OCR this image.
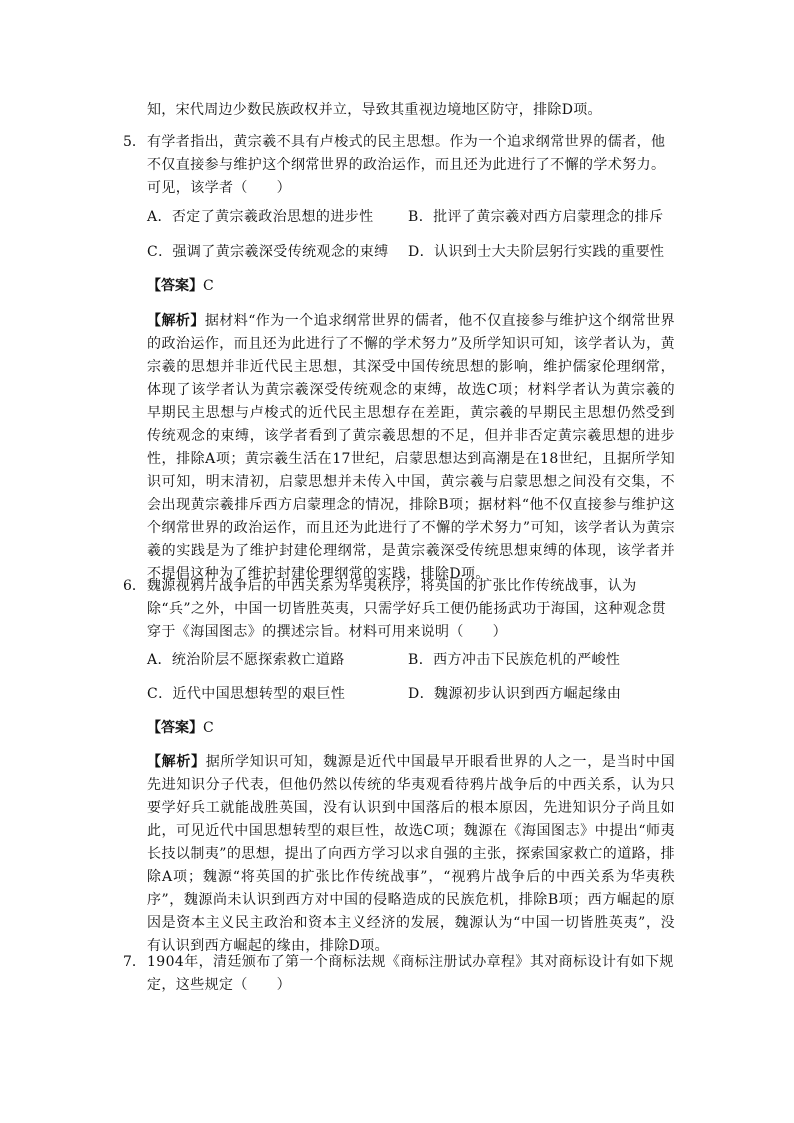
知，宋代周边少数民族政权并立，导致其重视边境地区防守，排除D项。
5． 有学者指出，黄宗羲不具有卢梭式的民主思想。作为一个追求纲常世界的儒者，他不仅直接参与维护这个纲常世界的政治运作，而且还为此进行了不懈的学术努力。可见，该学者（　　）
A．否定了黄宗羲政治思想的进步性 B．批评了黄宗羲对西方启蒙理念的排斥
C．强调了黄宗羲深受传统观念的束缚 D．认识到士大夫阶层躬行实践的重要性
【答案】C
【解析】据材料“作为一个追求纲常世界的儒者，他不仅直接参与维护这个纲常世界的政治运作，而且还为此进行了不懈的学术努力”及所学知识可知，该学者认为，黄宗羲的思想并非近代民主思想，其深受中国传统思想的影响，维护儒家伦理纲常，体现了该学者认为黄宗羲深受传统观念的束缚，故选C项；材料学者认为黄宗羲的早期民主思想与卢梭式的近代民主思想存在差距，黄宗羲的早期民主思想仍然受到传统观念的束缚，该学者看到了黄宗羲思想的不足，但并非否定黄宗羲思想的进步性，排除A项；黄宗羲生活在17世纪，启蒙思想达到高潮是在18世纪，且据所学知识可知，明末清初，启蒙思想并未传入中国，黄宗羲与启蒙思想之间没有交集，不会出现黄宗羲排斥西方启蒙理念的情况，排除B项；据材料“他不仅直接参与维护这个纲常世界的政治运作，而且还为此进行了不懈的学术努力”可知，该学者认为黄宗羲的实践是为了维护封建伦理纲常，是黄宗羲深受传统思想束缚的体现，该学者并不提倡这种为了维护封建伦理纲常的实践，排除D项。
6． 魏源视鸦片战争后的中西关系为华夷秩序，将英国的扩张比作传统战事，认为除“兵”之外，中国一切皆胜英夷，只需学好兵工便仍能扬武功于海国，这种观念贯穿于《海国图志》的撰述宗旨。材料可用来说明（　　）
A．统治阶层不愿探索救亡道路	B．西方冲击下民族危机的严峻性
C．近代中国思想转型的艰巨性	D．魏源初步认识到西方崛起缘由
【答案】C
【解析】据所学知识可知，魏源是近代中国最早开眼看世界的人之一，是当时中国先进知识分子代表，但他仍然以传统的华夷观看待鸦片战争后的中西关系，认为只要学好兵工就能战胜英国，没有认识到中国落后的根本原因，先进知识分子尚且如此，可见近代中国思想转型的艰巨性，故选C项；魏源在《海国图志》中提出“师夷长技以制夷”的思想，提出了向西方学习以求自强的主张，探索国家救亡的道路，排除A项；魏源“将英国的扩张比作传统战事”，“视鸦片战争后的中西关系为华夷秩序”，魏源尚未认识到西方对中国的侵略造成的民族危机，排除B项；西方崛起的原因是资本主义民主政治和资本主义经济的发展，魏源认为“中国一切皆胜英夷”，没有认识到西方崛起的缘由，排除D项。
7． 1904年，清廷颁布了第一个商标法规《商标注册试办章程》其对商标设计有如下规定，这些规定（　　）
